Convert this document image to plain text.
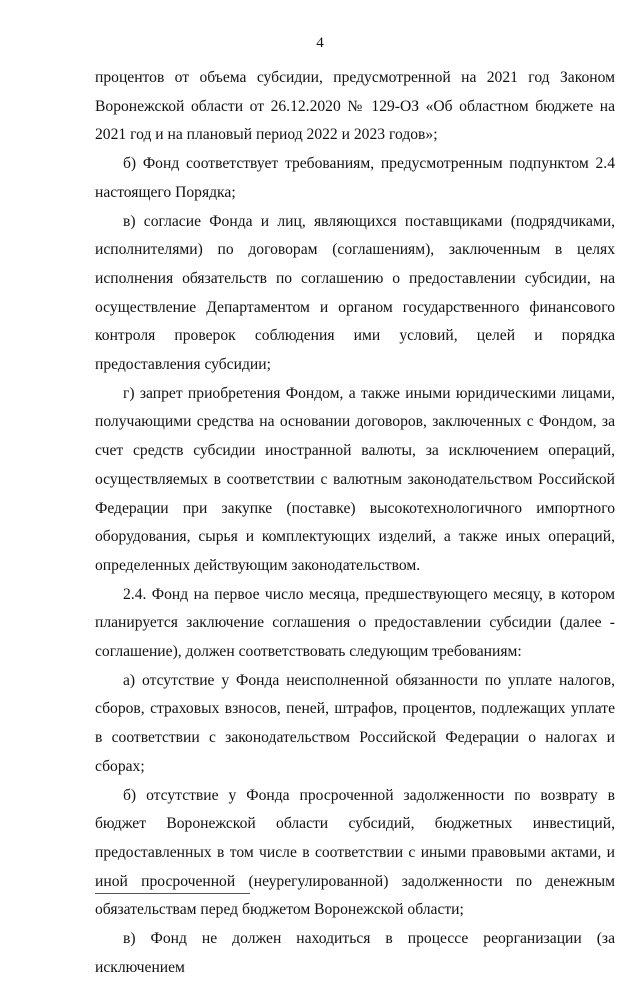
4

процентов от объема субсидии, предусмотренной на 2021 год Законом Воронежской области от 26.12.2020 № 129-ОЗ «Об областном бюджете на 2021 год и на плановый период 2022 и 2023 годов»;

б) Фонд соответствует требованиям, предусмотренным подпунктом 2.4 настоящего Порядка;

в) согласие Фонда и лиц, являющихся поставщиками (подрядчиками, исполнителями) по договорам (соглашениям), заключенным в целях исполнения обязательств по соглашению о предоставлении субсидии, на осуществление Департаментом и органом государственного финансового контроля проверок соблюдения ими условий, целей и порядка предоставления субсидии;

г) запрет приобретения Фондом, а также иными юридическими лицами, получающими средства на основании договоров, заключенных с Фондом, за счет средств субсидии иностранной валюты, за исключением операций, осуществляемых в соответствии с валютным законодательством Российской Федерации при закупке (поставке) высокотехнологичного импортного оборудования, сырья и комплектующих изделий, а также иных операций, определенных действующим законодательством.

2.4. Фонд на первое число месяца, предшествующего месяцу, в котором планируется заключение соглашения о предоставлении субсидии (далее - соглашение), должен соответствовать следующим требованиям:

а) отсутствие у Фонда неисполненной обязанности по уплате налогов, сборов, страховых взносов, пеней, штрафов, процентов, подлежащих уплате в соответствии с законодательством Российской Федерации о налогах и сборах;

б) отсутствие у Фонда просроченной задолженности по возврату в бюджет Воронежской области субсидий, бюджетных инвестиций, предоставленных в том числе в соответствии с иными правовыми актами, и иной просроченной (неурегулированной) задолженности по денежным обязательствам перед бюджетом Воронежской области;

в) Фонд не должен находиться в процессе реорганизации (за исключением
